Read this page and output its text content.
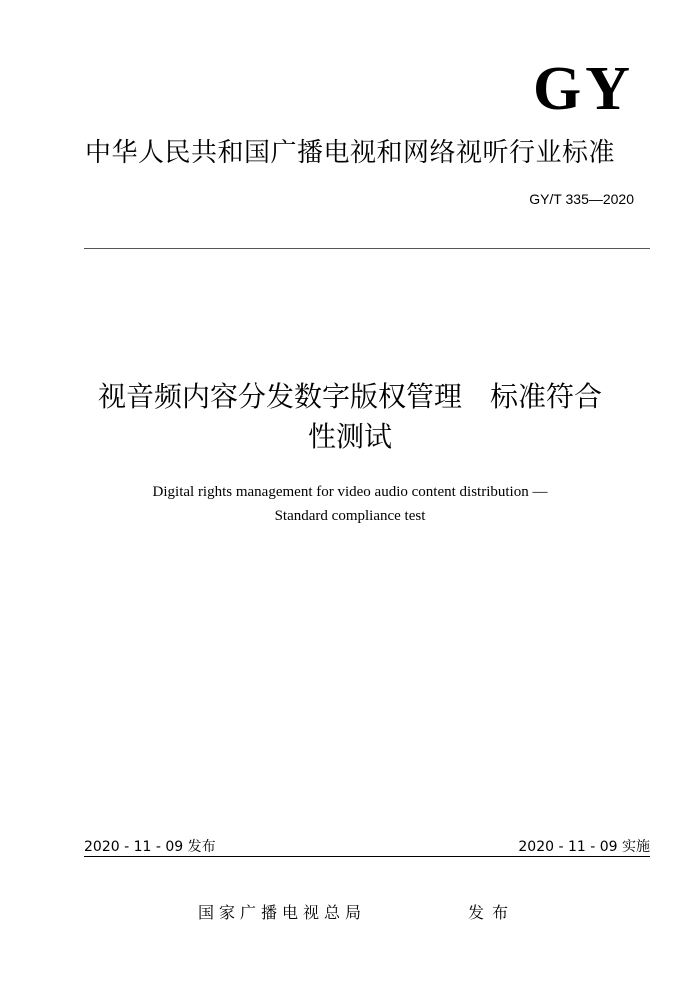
GY
中华人民共和国广播电视和网络视听行业标准
GY/T 335—2020
视音频内容分发数字版权管理　标准符合
性测试
Digital rights management for video audio content distribution —
Standard compliance test
2020 - 11 - 09 发布	2020 - 11 - 09 实施
国家广播电视总局	发布
